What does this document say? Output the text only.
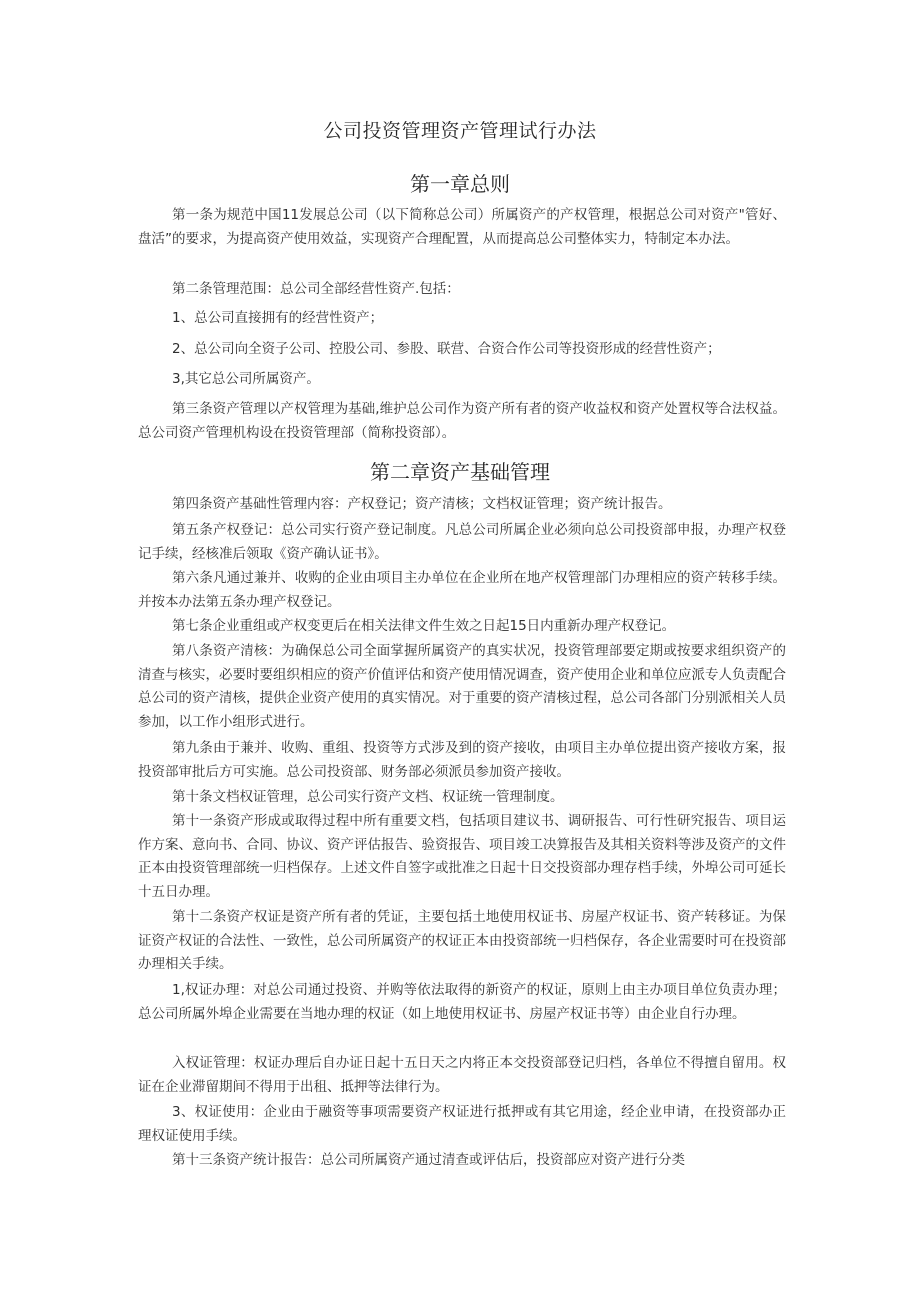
公司投资管理资产管理试行办法
第一章总则

第一条为规范中国11发展总公司（以下简称总公司）所属资产的产权管理，根据总公司对资产"管好、盘活”的要求，为提高资产使用效益，实现资产合理配置，从而提高总公司整体实力，特制定本办法。

第二条管理范围：总公司全部经营性资产.包括：

1、总公司直接拥有的经营性资产；

2、总公司向全资子公司、控股公司、参股、联营、合资合作公司等投资形成的经营性资产；

3,其它总公司所属资产。

第三条资产管理以产权管理为基础,维护总公司作为资产所有者的资产收益权和资产处置权等合法权益。总公司资产管理机构设在投资管理部（简称投资部）。

第二章资产基础管理

第四条资产基础性管理内容：产权登记；资产清核；文档权证管理；资产统计报告。

第五条产权登记：总公司实行资产登记制度。凡总公司所属企业必须向总公司投资部申报，办理产权登记手续，经核准后领取《资产确认证书》。

第六条凡通过兼并、收购的企业由项目主办单位在企业所在地产权管理部门办理相应的资产转移手续。并按本办法第五条办理产权登记。

第七条企业重组或产权变更后在相关法律文件生效之日起15日内重新办理产权登记。

第八条资产清核：为确保总公司全面掌握所属资产的真实状况，投资管理部要定期或按要求组织资产的清查与核实，必要时要组织相应的资产价值评估和资产使用情况调查，资产使用企业和单位应派专人负责配合总公司的资产清核，提供企业资产使用的真实情况。对于重要的资产清核过程，总公司各部门分别派相关人员参加，以工作小组形式进行。

第九条由于兼并、收购、重组、投资等方式涉及到的资产接收，由项目主办单位提出资产接收方案，报投资部审批后方可实施。总公司投资部、财务部必须派员参加资产接收。

第十条文档权证管理，总公司实行资产文档、权证统一管理制度。

第十一条资产形成或取得过程中所有重要文档，包括项目建议书、调研报告、可行性研究报告、项目运作方案、意向书、合同、协议、资产评估报告、验资报告、项目竣工决算报告及其相关资料等涉及资产的文件正本由投资管理部统一归档保存。上述文件自签字或批准之日起十日交投资部办理存档手续，外埠公司可延长十五日办理。

第十二条资产权证是资产所有者的凭证，主要包括土地使用权证书、房屋产权证书、资产转移证。为保证资产权证的合法性、一致性，总公司所属资产的权证正本由投资部统一归档保存，各企业需要时可在投资部办理相关手续。

1,权证办理：对总公司通过投资、并购等依法取得的新资产的权证，原则上由主办项目单位负责办理；总公司所属外埠企业需要在当地办理的权证（如上地使用权证书、房屋产权证书等）由企业自行办理。

入权证管理：权证办理后自办证日起十五日天之内将正本交投资部登记归档，各单位不得擅自留用。权证在企业滞留期间不得用于出租、抵押等法律行为。

3、权证使用：企业由于融资等事项需要资产权证进行抵押或有其它用途，经企业申请，在投资部办正理权证使用手续。

第十三条资产统计报告：总公司所属资产通过清查或评估后，投资部应对资产进行分类
